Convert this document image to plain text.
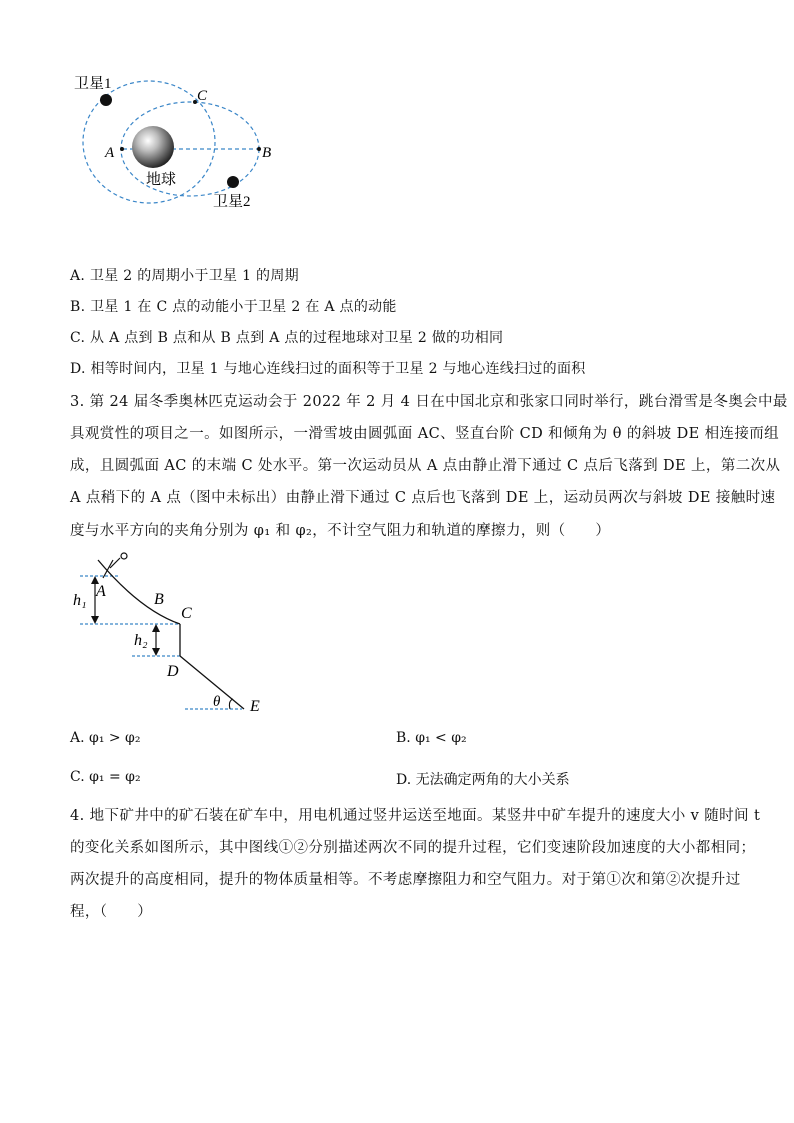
卫星1
卫星2
地球
A	B
C
A. 卫星 2 的周期小于卫星 1 的周期
B. 卫星 1 在 C 点的动能小于卫星 2 在 A 点的动能
C. 从 A 点到 B 点和从 B 点到 A 点的过程地球对卫星 2 做的功相同
D. 相等时间内，卫星 1 与地心连线扫过的面积等于卫星 2 与地心连线扫过的面积
3. 第 24 届冬季奥林匹克运动会于 2022 年 2 月 4 日在中国北京和张家口同时举行，跳台滑雪是冬奥会中最
具观赏性的项目之一。如图所示，一滑雪坡由圆弧面 AC、竖直台阶 CD 和倾角为 θ 的斜坡 DE 相连接而组
成，且圆弧面 AC 的末端 C 处水平。第一次运动员从 A 点由静止滑下通过 C 点后飞落到 DE 上，第二次从
A 点稍下的 A 点（图中未标出）由静止滑下通过 C 点后也飞落到 DE 上，运动员两次与斜坡 DE 接触时速
度与水平方向的夹角分别为 φ₁ 和 φ₂，不计空气阻力和轨道的摩擦力，则（　　）
h₁
h₂
A	B
C
D
E
θ
A. φ₁ > φ₂	B. φ₁ < φ₂
C. φ₁ = φ₂	D. 无法确定两角的大小关系
4. 地下矿井中的矿石装在矿车中，用电机通过竖井运送至地面。某竖井中矿车提升的速度大小 v 随时间 t
的变化关系如图所示，其中图线①②分别描述两次不同的提升过程，它们变速阶段加速度的大小都相同；
两次提升的高度相同，提升的物体质量相等。不考虑摩擦阻力和空气阻力。对于第①次和第②次提升过
程，（　　）
